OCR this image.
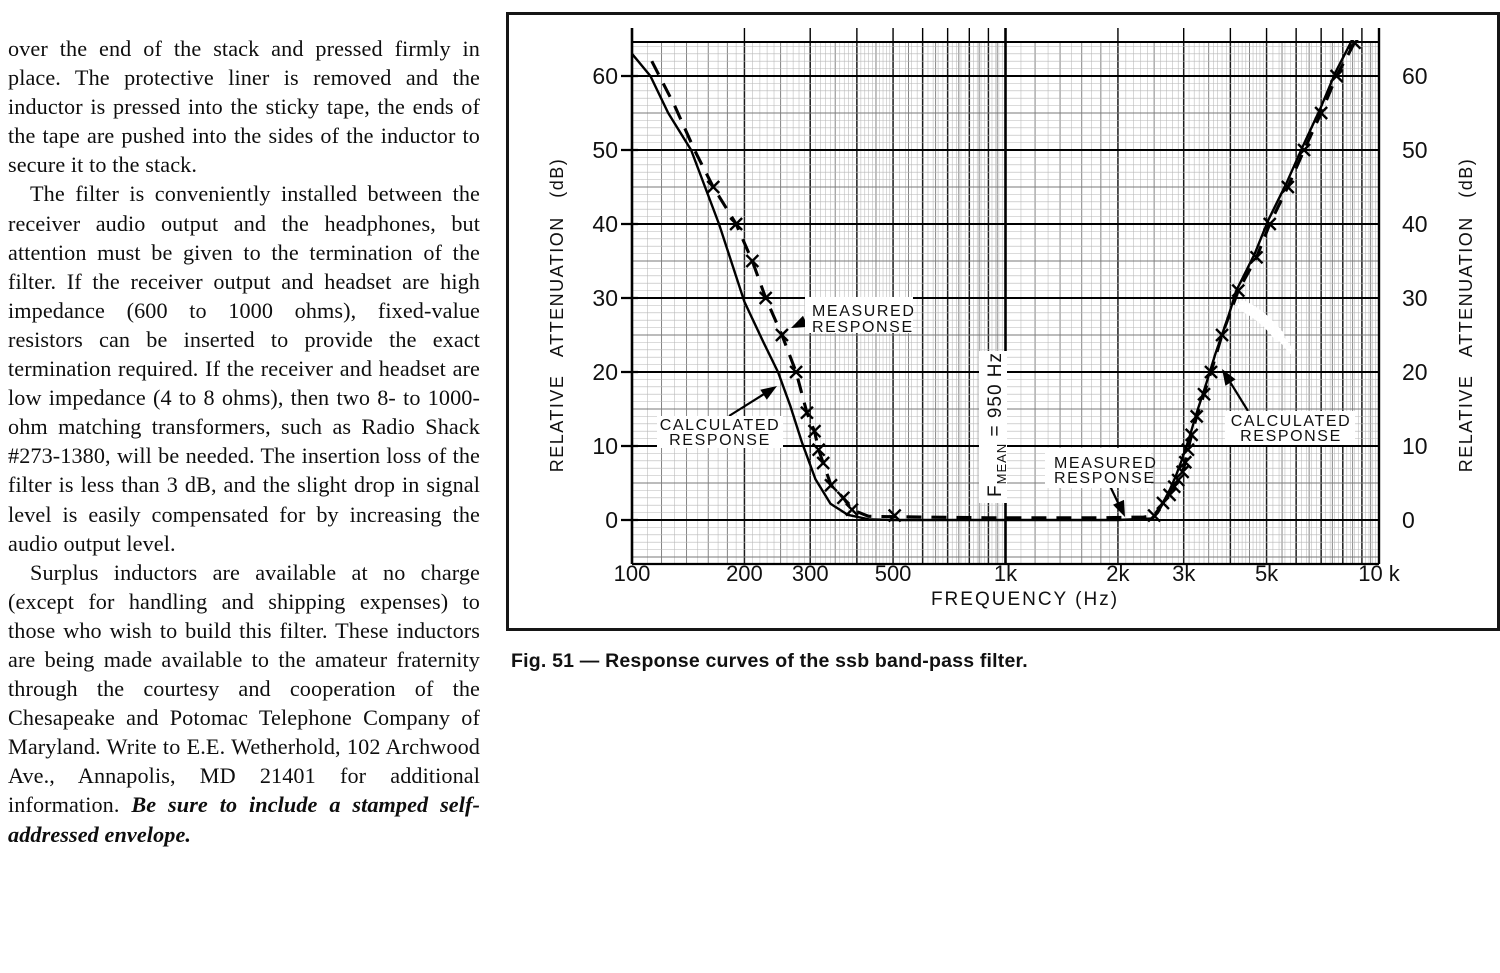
over the end of the stack and pressed firmly in place. The protective liner is removed and the inductor is pressed into the sticky tape, the ends of the tape are pushed into the sides of the inductor to secure it to the stack.

The filter is conveniently installed between the receiver audio output and the headphones, but attention must be given to the termination of the filter. If the receiver output and headset are high impedance (600 to 1000 ohms), fixed-value resistors can be inserted to provide the exact termination required. If the receiver and headset are low impedance (4 to 8 ohms), then two 8- to 1000-ohm matching transformers, such as Radio Shack #273-1380, will be needed. The insertion loss of the filter is less than 3 dB, and the slight drop in signal level is easily compensated for by increasing the audio output level.

Surplus inductors are available at no charge (except for handling and shipping expenses) to those who wish to build this filter. These inductors are being made available to the amateur fraternity through the courtesy and cooperation of the Chesapeake and Potomac Telephone Company of Maryland. Write to E.E. Wetherhold, 102 Archwood Ave., Annapolis, MD 21401 for additional information. Be sure to include a stamped self-addressed envelope.

100	200 300 500	1k	2k 3k	5k	10 k
0	0
10	10
20	20
30	30
40	40
50	50
60	60
FREQUENCY (Hz)
RELATIVE ATTENUATION (dB)	RELATIVE ATTENUATION (dB)
$F_{MEAN} = 950$ Hz
MEASURED
RESPONSE
CALCULATED
RESPONSE
MEASURED
RESPONSE
CALCULATED
RESPONSE
Fig. 51 — Response curves of the ssb band-pass filter.
